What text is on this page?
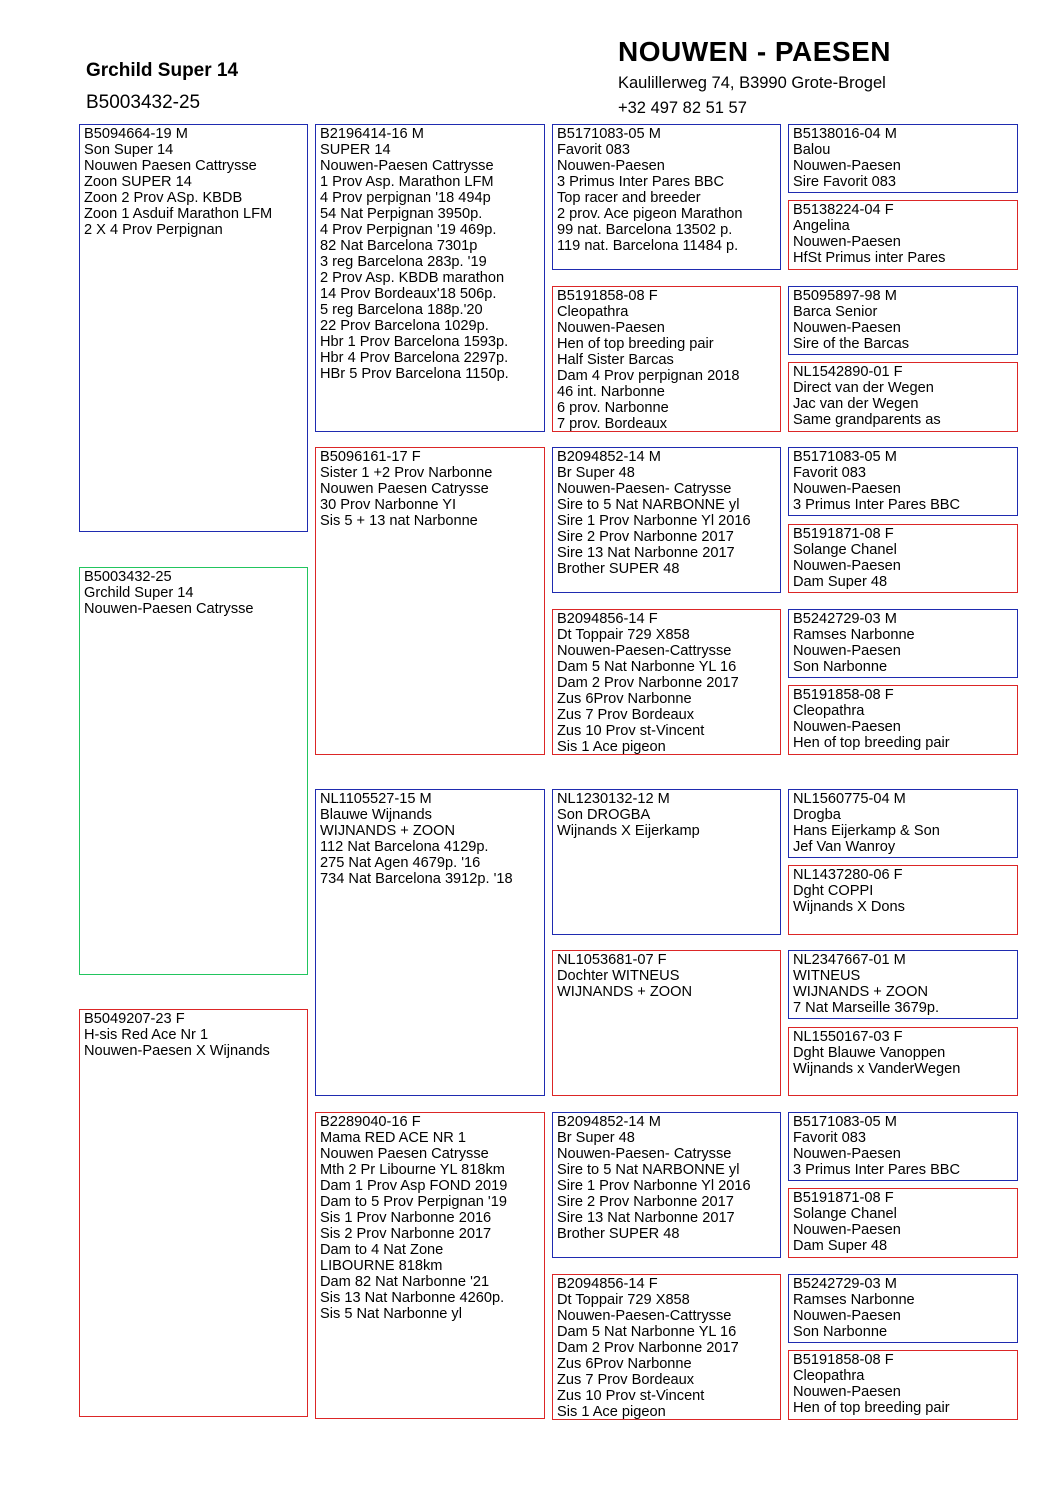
Grchild Super 14
B5003432-25
NOUWEN - PAESEN
Kaulillerweg 74, B3990 Grote-Brogel
+32 497 82 51 57
B5094664-19 M
Son Super 14
Nouwen Paesen Cattrysse
Zoon SUPER 14
Zoon 2 Prov ASp. KBDB
Zoon 1 Asduif Marathon LFM
2 X 4 Prov Perpignan
B5003432-25
Grchild Super 14
Nouwen-Paesen Catrysse
B5049207-23 F
H-sis Red Ace Nr 1
Nouwen-Paesen X Wijnands
B2196414-16 M
SUPER 14
Nouwen-Paesen Cattrysse
1 Prov Asp. Marathon LFM
4 Prov perpignan '18 494p
54 Nat Perpignan 3950p.
4 Prov Perpignan '19 469p.
82 Nat Barcelona 7301p
3 reg Barcelona 283p. '19
2 Prov Asp. KBDB marathon
14 Prov Bordeaux'18 506p.
5 reg Barcelona 188p.'20
22 Prov Barcelona 1029p.
Hbr 1 Prov Barcelona 1593p.
Hbr 4 Prov Barcelona 2297p.
HBr 5 Prov Barcelona 1150p.
B5096161-17 F
Sister 1 +2 Prov Narbonne
Nouwen Paesen Catrysse
30 Prov Narbonne YI
Sis 5 + 13 nat Narbonne
NL1105527-15 M
Blauwe Wijnands
WIJNANDS + ZOON
112 Nat Barcelona 4129p.
275 Nat Agen 4679p. '16
734 Nat Barcelona 3912p. '18
B2289040-16 F
Mama RED ACE NR 1
Nouwen Paesen Catrysse
Mth 2 Pr Libourne YL 818km
Dam 1 Prov Asp FOND 2019
Dam to 5 Prov Perpignan '19
Sis 1 Prov Narbonne 2016
Sis 2 Prov Narbonne 2017
Dam to 4 Nat Zone
LIBOURNE 818km
Dam 82 Nat Narbonne '21
Sis 13 Nat Narbonne 4260p.
Sis 5 Nat Narbonne yl
B5171083-05 M
Favorit 083
Nouwen-Paesen
3 Primus Inter Pares BBC
Top racer and breeder
2 prov. Ace pigeon Marathon
99 nat. Barcelona 13502 p.
119 nat. Barcelona 11484 p.
B5191858-08 F
Cleopathra
Nouwen-Paesen
Hen of top breeding pair
Half Sister Barcas
Dam 4 Prov perpignan 2018
46 int. Narbonne
6 prov. Narbonne
7 prov. Bordeaux
B2094852-14 M
Br Super 48
Nouwen-Paesen- Catrysse
Sire to 5 Nat NARBONNE yl
Sire 1 Prov Narbonne Yl 2016
Sire 2 Prov Narbonne 2017
Sire 13 Nat Narbonne 2017
Brother SUPER 48
B2094856-14 F
Dt Toppair 729 X858
Nouwen-Paesen-Cattrysse
Dam 5 Nat Narbonne YL 16
Dam 2 Prov Narbonne 2017
Zus 6Prov Narbonne
Zus 7 Prov Bordeaux
Zus 10 Prov st-Vincent
Sis 1 Ace pigeon
NL1230132-12 M
Son DROGBA
Wijnands X Eijerkamp
NL1053681-07 F
Dochter WITNEUS
WIJNANDS + ZOON
B2094852-14 M
Br Super 48
Nouwen-Paesen- Catrysse
Sire to 5 Nat NARBONNE yl
Sire 1 Prov Narbonne Yl 2016
Sire 2 Prov Narbonne 2017
Sire 13 Nat Narbonne 2017
Brother SUPER 48
B2094856-14 F
Dt Toppair 729 X858
Nouwen-Paesen-Cattrysse
Dam 5 Nat Narbonne YL 16
Dam 2 Prov Narbonne 2017
Zus 6Prov Narbonne
Zus 7 Prov Bordeaux
Zus 10 Prov st-Vincent
Sis 1 Ace pigeon
B5138016-04 M
Balou
Nouwen-Paesen
Sire Favorit 083
B5138224-04 F
Angelina
Nouwen-Paesen
HfSt Primus inter Pares
B5095897-98 M
Barca Senior
Nouwen-Paesen
Sire of the Barcas
NL1542890-01 F
Direct van der Wegen
Jac van der Wegen
Same grandparents as
B5171083-05 M
Favorit 083
Nouwen-Paesen
3 Primus Inter Pares BBC
B5191871-08 F
Solange Chanel
Nouwen-Paesen
Dam Super 48
B5242729-03 M
Ramses Narbonne
Nouwen-Paesen
Son Narbonne
B5191858-08 F
Cleopathra
Nouwen-Paesen
Hen of top breeding pair
NL1560775-04 M
Drogba
Hans Eijerkamp & Son
Jef Van Wanroy
NL1437280-06 F
Dght COPPI
Wijnands X Dons
NL2347667-01 M
WITNEUS
WIJNANDS + ZOON
7 Nat Marseille 3679p.
NL1550167-03 F
Dght Blauwe Vanoppen
Wijnands x VanderWegen
B5171083-05 M
Favorit 083
Nouwen-Paesen
3 Primus Inter Pares BBC
B5191871-08 F
Solange Chanel
Nouwen-Paesen
Dam Super 48
B5242729-03 M
Ramses Narbonne
Nouwen-Paesen
Son Narbonne
B5191858-08 F
Cleopathra
Nouwen-Paesen
Hen of top breeding pair
